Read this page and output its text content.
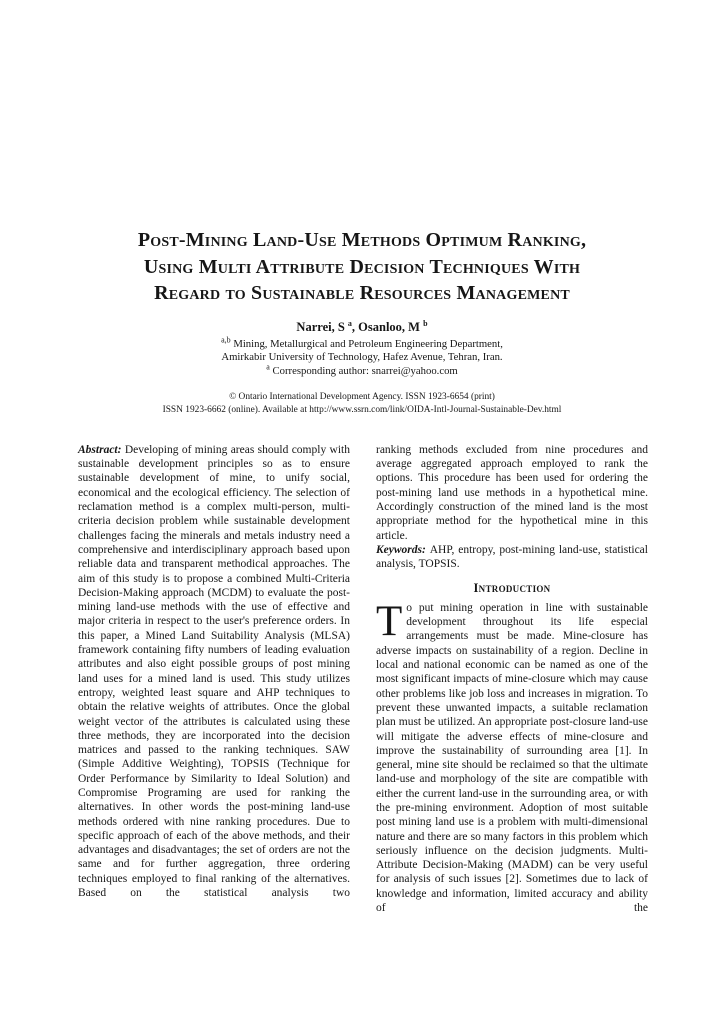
Post-Mining Land-Use Methods Optimum Ranking,
Using Multi Attribute Decision Techniques With
Regard to Sustainable Resources Management
Narrei, S $^a$, Osanloo, M $^b$
$^{a,b}$ Mining, Metallurgical and Petroleum Engineering Department,
Amirkabir University of Technology, Hafez Avenue, Tehran, Iran.
$^a$ Corresponding author: snarrei@yahoo.com
© Ontario International Development Agency. ISSN 1923-6654 (print)
ISSN 1923-6662 (online). Available at http://www.ssrn.com/link/OIDA-Intl-Journal-Sustainable-Dev.html

Abstract: Developing of mining areas should comply with sustainable development principles so as to ensure sustainable development of mine, to unify social, economical and the ecological efficiency. The selection of reclamation method is a complex multi-person, multi-criteria decision problem while sustainable development challenges facing the minerals and metals industry need a comprehensive and interdisciplinary approach based upon reliable data and transparent methodical approaches. The aim of this study is to propose a combined Multi-Criteria Decision-Making approach (MCDM) to evaluate the post-mining land-use methods with the use of effective and major criteria in respect to the user's preference orders. In this paper, a Mined Land Suitability Analysis (MLSA) framework containing fifty numbers of leading evaluation attributes and also eight possible groups of post mining land uses for a mined land is used. This study utilizes entropy, weighted least square and AHP techniques to obtain the relative weights of attributes. Once the global weight vector of the attributes is calculated using these three methods, they are incorporated into the decision matrices and passed to the ranking techniques. SAW (Simple Additive Weighting), TOPSIS (Technique for Order Performance by Similarity to Ideal Solution) and Compromise Programing are used for ranking the alternatives. In other words the post-mining land-use methods ordered with nine ranking procedures. Due to specific approach of each of the above methods, and their advantages and disadvantages; the set of orders are not the same and for further aggregation, three ordering techniques employed to final ranking of the alternatives. Based on the statistical analysis two

ranking methods excluded from nine procedures and average aggregated approach employed to rank the options. This procedure has been used for ordering the post-mining land use methods in a hypothetical mine. Accordingly construction of the mined land is the most appropriate method for the hypothetical mine in this article.

Keywords: AHP, entropy, post-mining land-use, statistical analysis, TOPSIS.

Introduction

To put mining operation in line with sustainable development throughout its life especial arrangements must be made. Mine-closure has adverse impacts on sustainability of a region. Decline in local and national economic can be named as one of the most significant impacts of mine-closure which may cause other problems like job loss and increases in migration. To prevent these unwanted impacts, a suitable reclamation plan must be utilized. An appropriate post-closure land-use will mitigate the adverse effects of mine-closure and improve the sustainability of surrounding area [1]. In general, mine site should be reclaimed so that the ultimate land-use and morphology of the site are compatible with either the current land-use in the surrounding area, or with the pre-mining environment. Adoption of most suitable post mining land use is a problem with multi-dimensional nature and there are so many factors in this problem which seriously influence on the decision judgments. Multi-Attribute Decision-Making (MADM) can be very useful for analysis of such issues [2]. Sometimes due to lack of knowledge and information, limited accuracy and ability of the
